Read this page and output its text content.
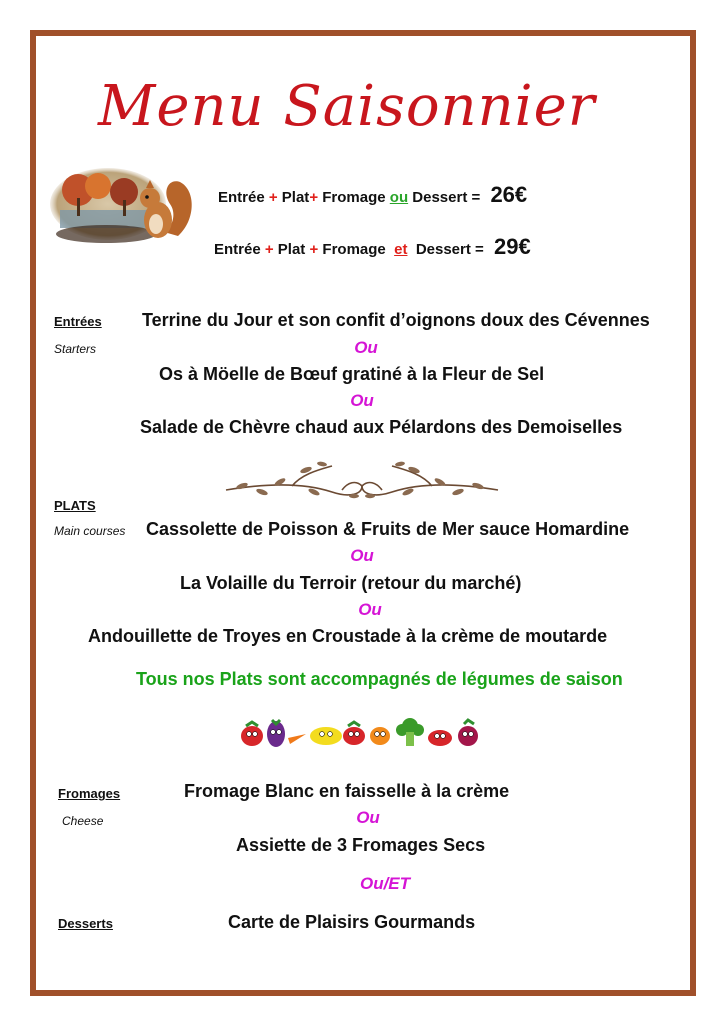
Menu Saisonnier
Entrée + Plat+ Fromage ou Dessert = 26€
Entrée + Plat + Fromage et Dessert = 29€
Entrées
Starters
Terrine du Jour et son confit d’oignons doux des Cévennes
Ou
Os à Möelle de Bœuf gratiné à la Fleur de Sel
Ou
Salade de Chèvre chaud aux Pélardons des Demoiselles
PLATS
Main courses Cassolette de Poisson & Fruits de Mer sauce Homardine
Ou
La Volaille du Terroir (retour du marché)
Ou
Andouillette de Troyes en Croustade à la crème de moutarde
Tous nos Plats sont accompagnés de légumes de saison
Fromages
Cheese
Fromage Blanc en faisselle à la crème
Ou
Assiette de 3 Fromages Secs
Ou/ET
Desserts	Carte de Plaisirs Gourmands
